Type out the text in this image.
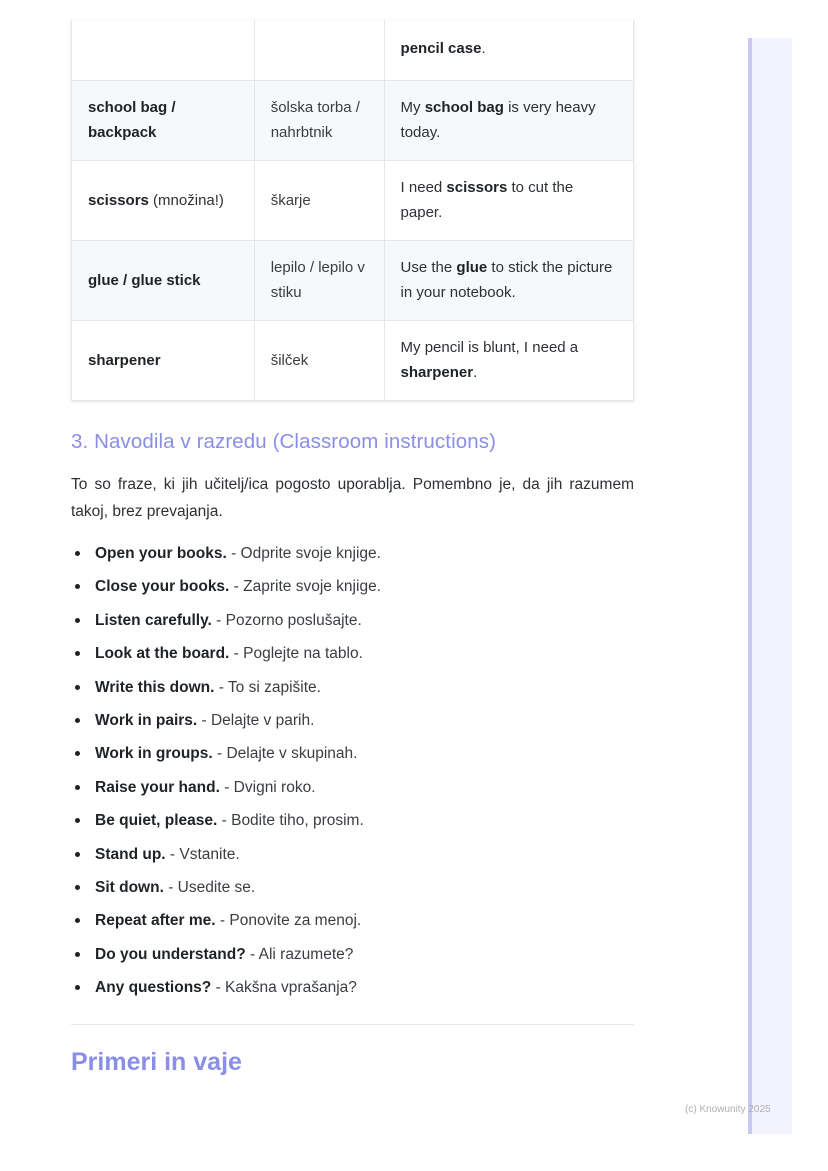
		pencil case.
school bag / backpack	šolska torba / nahrbtnik	My school bag is very heavy today.
scissors (množina!)	škarje	I need scissors to cut the paper.
glue / glue stick	lepilo / lepilo v stiku	Use the glue to stick the picture in your notebook.
sharpener	šilček	My pencil is blunt, I need a sharpener.
3. Navodila v razredu (Classroom instructions)

To so fraze, ki jih učitelj/ica pogosto uporablja. Pomembno je, da jih razumem takoj, brez prevajanja.

Open your books. - Odprite svoje knjige.
Close your books. - Zaprite svoje knjige.
Listen carefully. - Pozorno poslušajte.
Look at the board. - Poglejte na tablo.
Write this down. - To si zapišite.
Work in pairs. - Delajte v parih.
Work in groups. - Delajte v skupinah.
Raise your hand. - Dvigni roko.
Be quiet, please. - Bodite tiho, prosim.
Stand up. - Vstanite.
Sit down. - Usedite se.
Repeat after me. - Ponovite za menoj.
Do you understand? - Ali razumete?
Any questions? - Kakšna vprašanja?
Primeri in vaje
(c) Knowunity 2025
